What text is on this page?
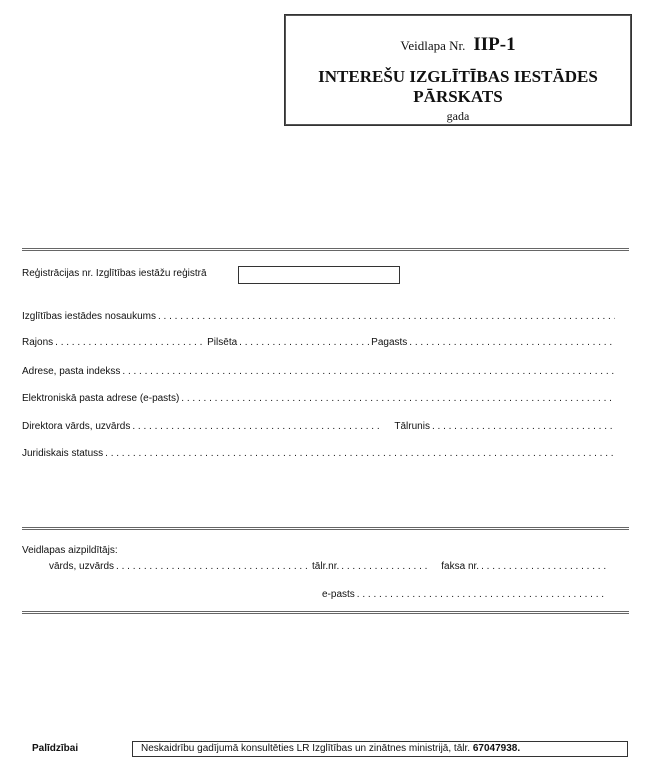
Veidlapa Nr. IIP-1
INTEREŠU IZGLĪTĪBAS IESTĀDES
PĀRSKATS
gada
Reģistrācijas nr. Izglītības iestāžu reģistrā
Izglītības iestādes nosaukums
. . .
Rajons . . .	Pilsēta . . .	Pagasts
. . .
Adrese, pasta indekss
. . .
Elektroniskā pasta adrese (e-pasts)
. . .
Direktora vārds, uzvārds . . .	Tālrunis
. . .
Juridiskais statuss
. . .
Veidlapas aizpildītājs:
vārds, uzvārds . . .	tālr.nr. . . .	faksa nr.
. . .
e-pasts
. . .
Palīdzībai	Neskaidrību gadījumā konsultēties LR Izglītības un zinātnes ministrijā, tālr. 67047938.
